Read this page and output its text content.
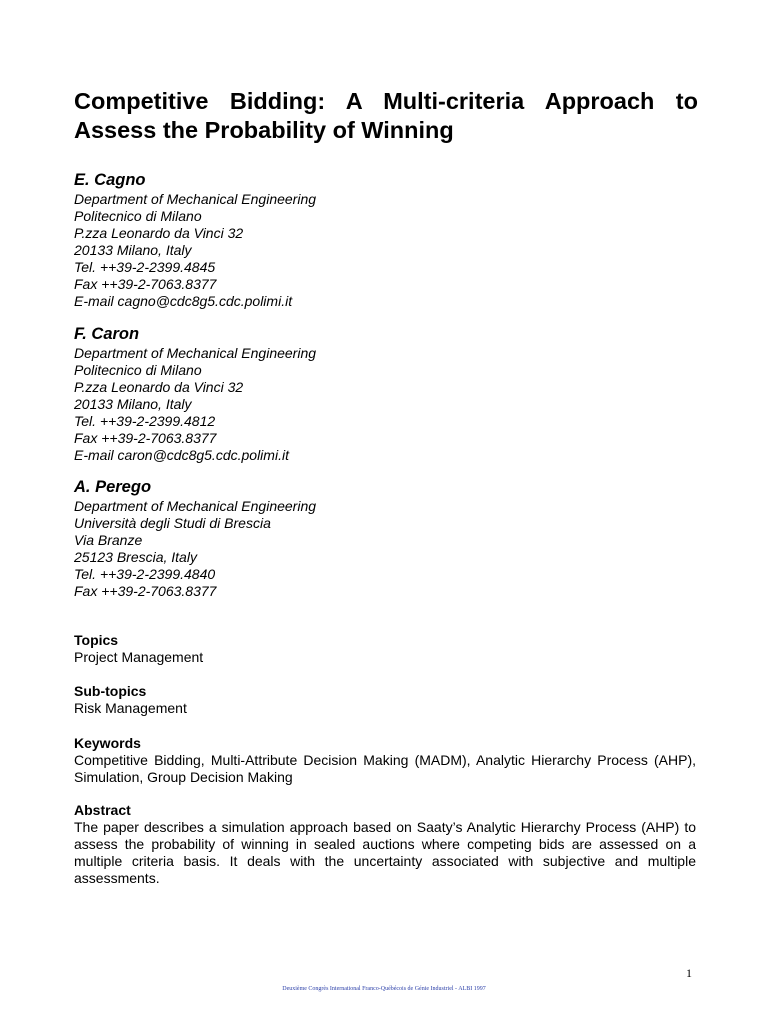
Competitive Bidding: A Multi-criteria Approach to Assess the Probability of Winning

E. Cagno

Department of Mechanical Engineering

Politecnico di Milano

P.zza Leonardo da Vinci 32

20133 Milano, Italy

Tel. ++39-2-2399.4845

Fax ++39-2-7063.8377

E-mail cagno@cdc8g5.cdc.polimi.it

F. Caron

Department of Mechanical Engineering

Politecnico di Milano

P.zza Leonardo da Vinci 32

20133 Milano, Italy

Tel. ++39-2-2399.4812

Fax ++39-2-7063.8377

E-mail caron@cdc8g5.cdc.polimi.it

A. Perego

Department of Mechanical Engineering

Università degli Studi di Brescia

Via Branze

25123 Brescia, Italy

Tel. ++39-2-2399.4840

Fax ++39-2-7063.8377

Topics

Project Management

Sub-topics

Risk Management

Keywords

Competitive Bidding, Multi-Attribute Decision Making (MADM), Analytic Hierarchy Process (AHP), Simulation, Group Decision Making

Abstract

The paper describes a simulation approach based on Saaty’s Analytic Hierarchy Process (AHP) to assess the probability of winning in sealed auctions where competing bids are assessed on a multiple criteria basis. It deals with the uncertainty associated with subjective and multiple assessments.

1
Deuxième Congrès International Franco-Québécois de Génie Industriel - ALBI 1997
